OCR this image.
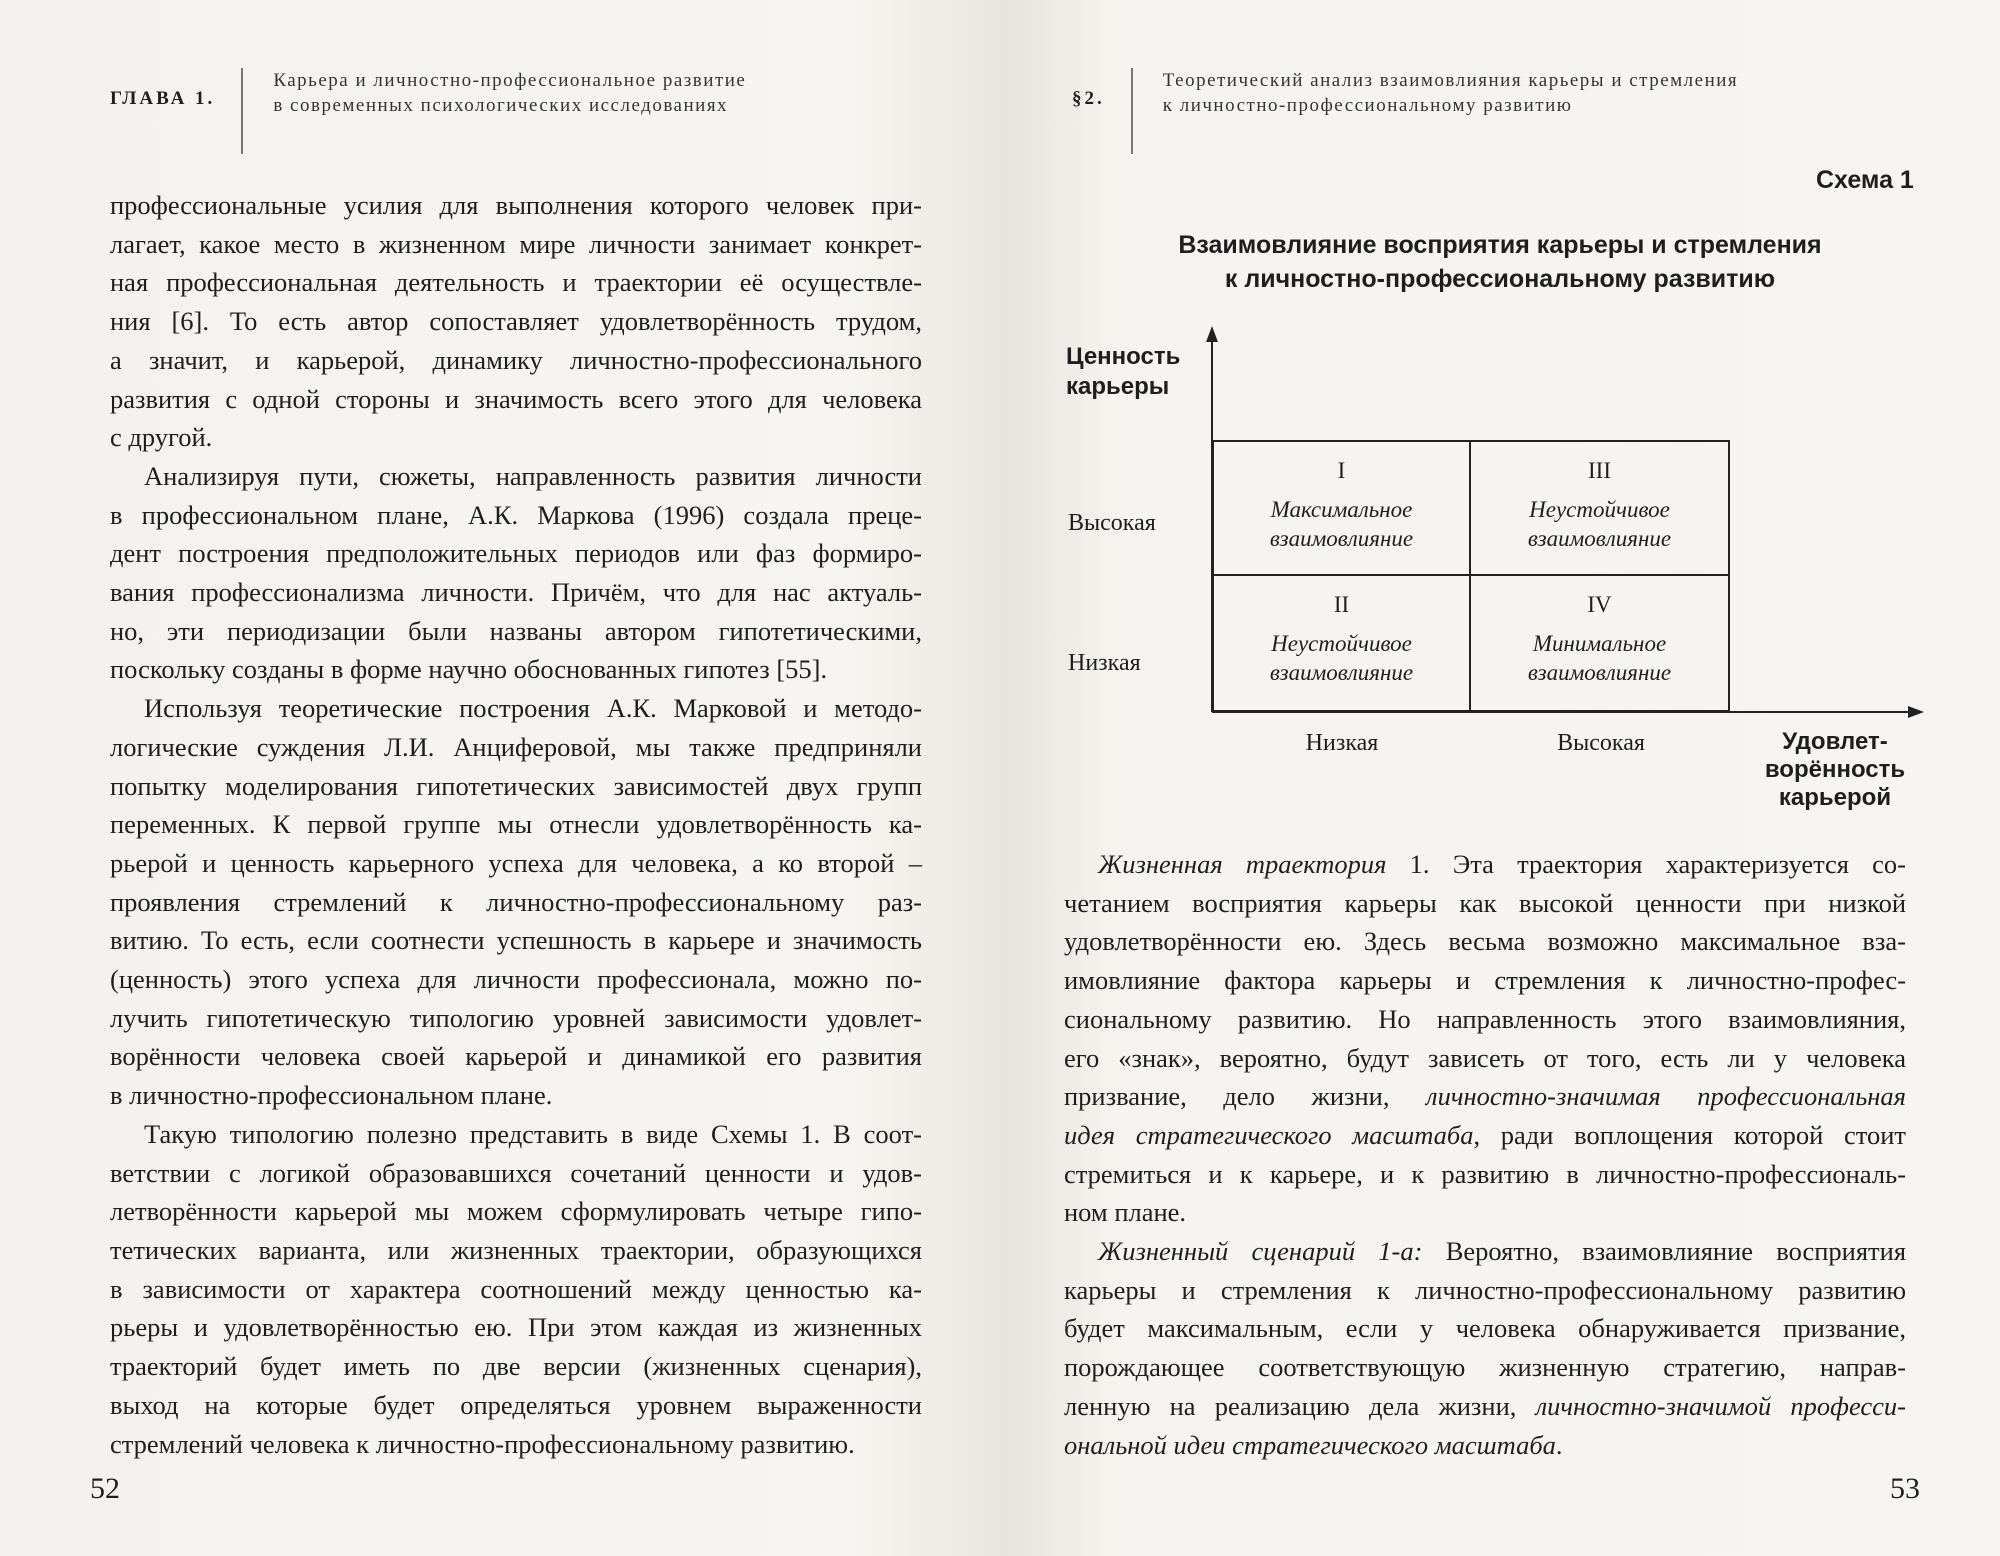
ГЛАВА 1.
Карьера и личностно-профессиональное развитие
в современных психологических исследованиях
профессиональные усилия для выполнения которого человек при-
лагает, какое место в жизненном мире личности занимает конкрет-
ная профессиональная деятельность и траектории её осуществле-
ния [6]. То есть автор сопоставляет удовлетворённость трудом,
а значит, и карьерой, динамику личностно-профессионального
развития с одной стороны и значимость всего этого для человека
с другой.
Анализируя пути, сюжеты, направленность развития личности
в профессиональном плане, А.К. Маркова (1996) создала преце-
дент построения предположительных периодов или фаз формиро-
вания профессионализма личности. Причём, что для нас актуаль-
но, эти периодизации были названы автором гипотетическими,
поскольку созданы в форме научно обоснованных гипотез [55].
Используя теоретические построения А.К. Марковой и методо-
логические суждения Л.И. Анциферовой, мы также предприняли
попытку моделирования гипотетических зависимостей двух групп
переменных. К первой группе мы отнесли удовлетворённость ка-
рьерой и ценность карьерного успеха для человека, а ко второй –
проявления стремлений к личностно-профессиональному раз-
витию. То есть, если соотнести успешность в карьере и значимость
(ценность) этого успеха для личности профессионала, можно по-
лучить гипотетическую типологию уровней зависимости удовлет-
ворённости человека своей карьерой и динамикой его развития
в личностно-профессиональном плане.
Такую типологию полезно представить в виде Схемы 1. В соот-
ветствии с логикой образовавшихся сочетаний ценности и удов-
летворённости карьерой мы можем сформулировать четыре гипо-
тетических варианта, или жизненных траектории, образующихся
в зависимости от характера соотношений между ценностью ка-
рьеры и удовлетворённостью ею. При этом каждая из жизненных
траекторий будет иметь по две версии (жизненных сценария),
выход на которые будет определяться уровнем выраженности
стремлений человека к личностно-профессиональному развитию.
52
§2.
Теоретический анализ взаимовлияния карьеры и стремления
к личностно-профессиональному развитию
Схема 1
Взаимовлияние восприятия карьеры и стремления
к личностно-профессиональному развитию
Ценность
карьеры
Высокая
Низкая
I
Максимальное
взаимовлияние
III
Неустойчивое
взаимовлияние
II
Неустойчивое
взаимовлияние
IV
Минимальное
взаимовлияние
Низкая	Высокая	Удовлет-
ворённость
карьерой
Жизненная траектория 1. Эта траектория характеризуется со-
четанием восприятия карьеры как высокой ценности при низкой
удовлетворённости ею. Здесь весьма возможно максимальное вза-
имовлияние фактора карьеры и стремления к личностно-профес-
сиональному развитию. Но направленность этого взаимовлияния,
его «знак», вероятно, будут зависеть от того, есть ли у человека
призвание, дело жизни, личностно-значимая профессиональная
идея стратегического масштаба, ради воплощения которой стоит
стремиться и к карьере, и к развитию в личностно-профессиональ-
ном плане.
Жизненный сценарий 1-а: Вероятно, взаимовлияние восприятия
карьеры и стремления к личностно-профессиональному развитию
будет максимальным, если у человека обнаруживается призвание,
порождающее соответствующую жизненную стратегию, направ-
ленную на реализацию дела жизни, личностно-значимой професси-
ональной идеи стратегического масштаба.
53
